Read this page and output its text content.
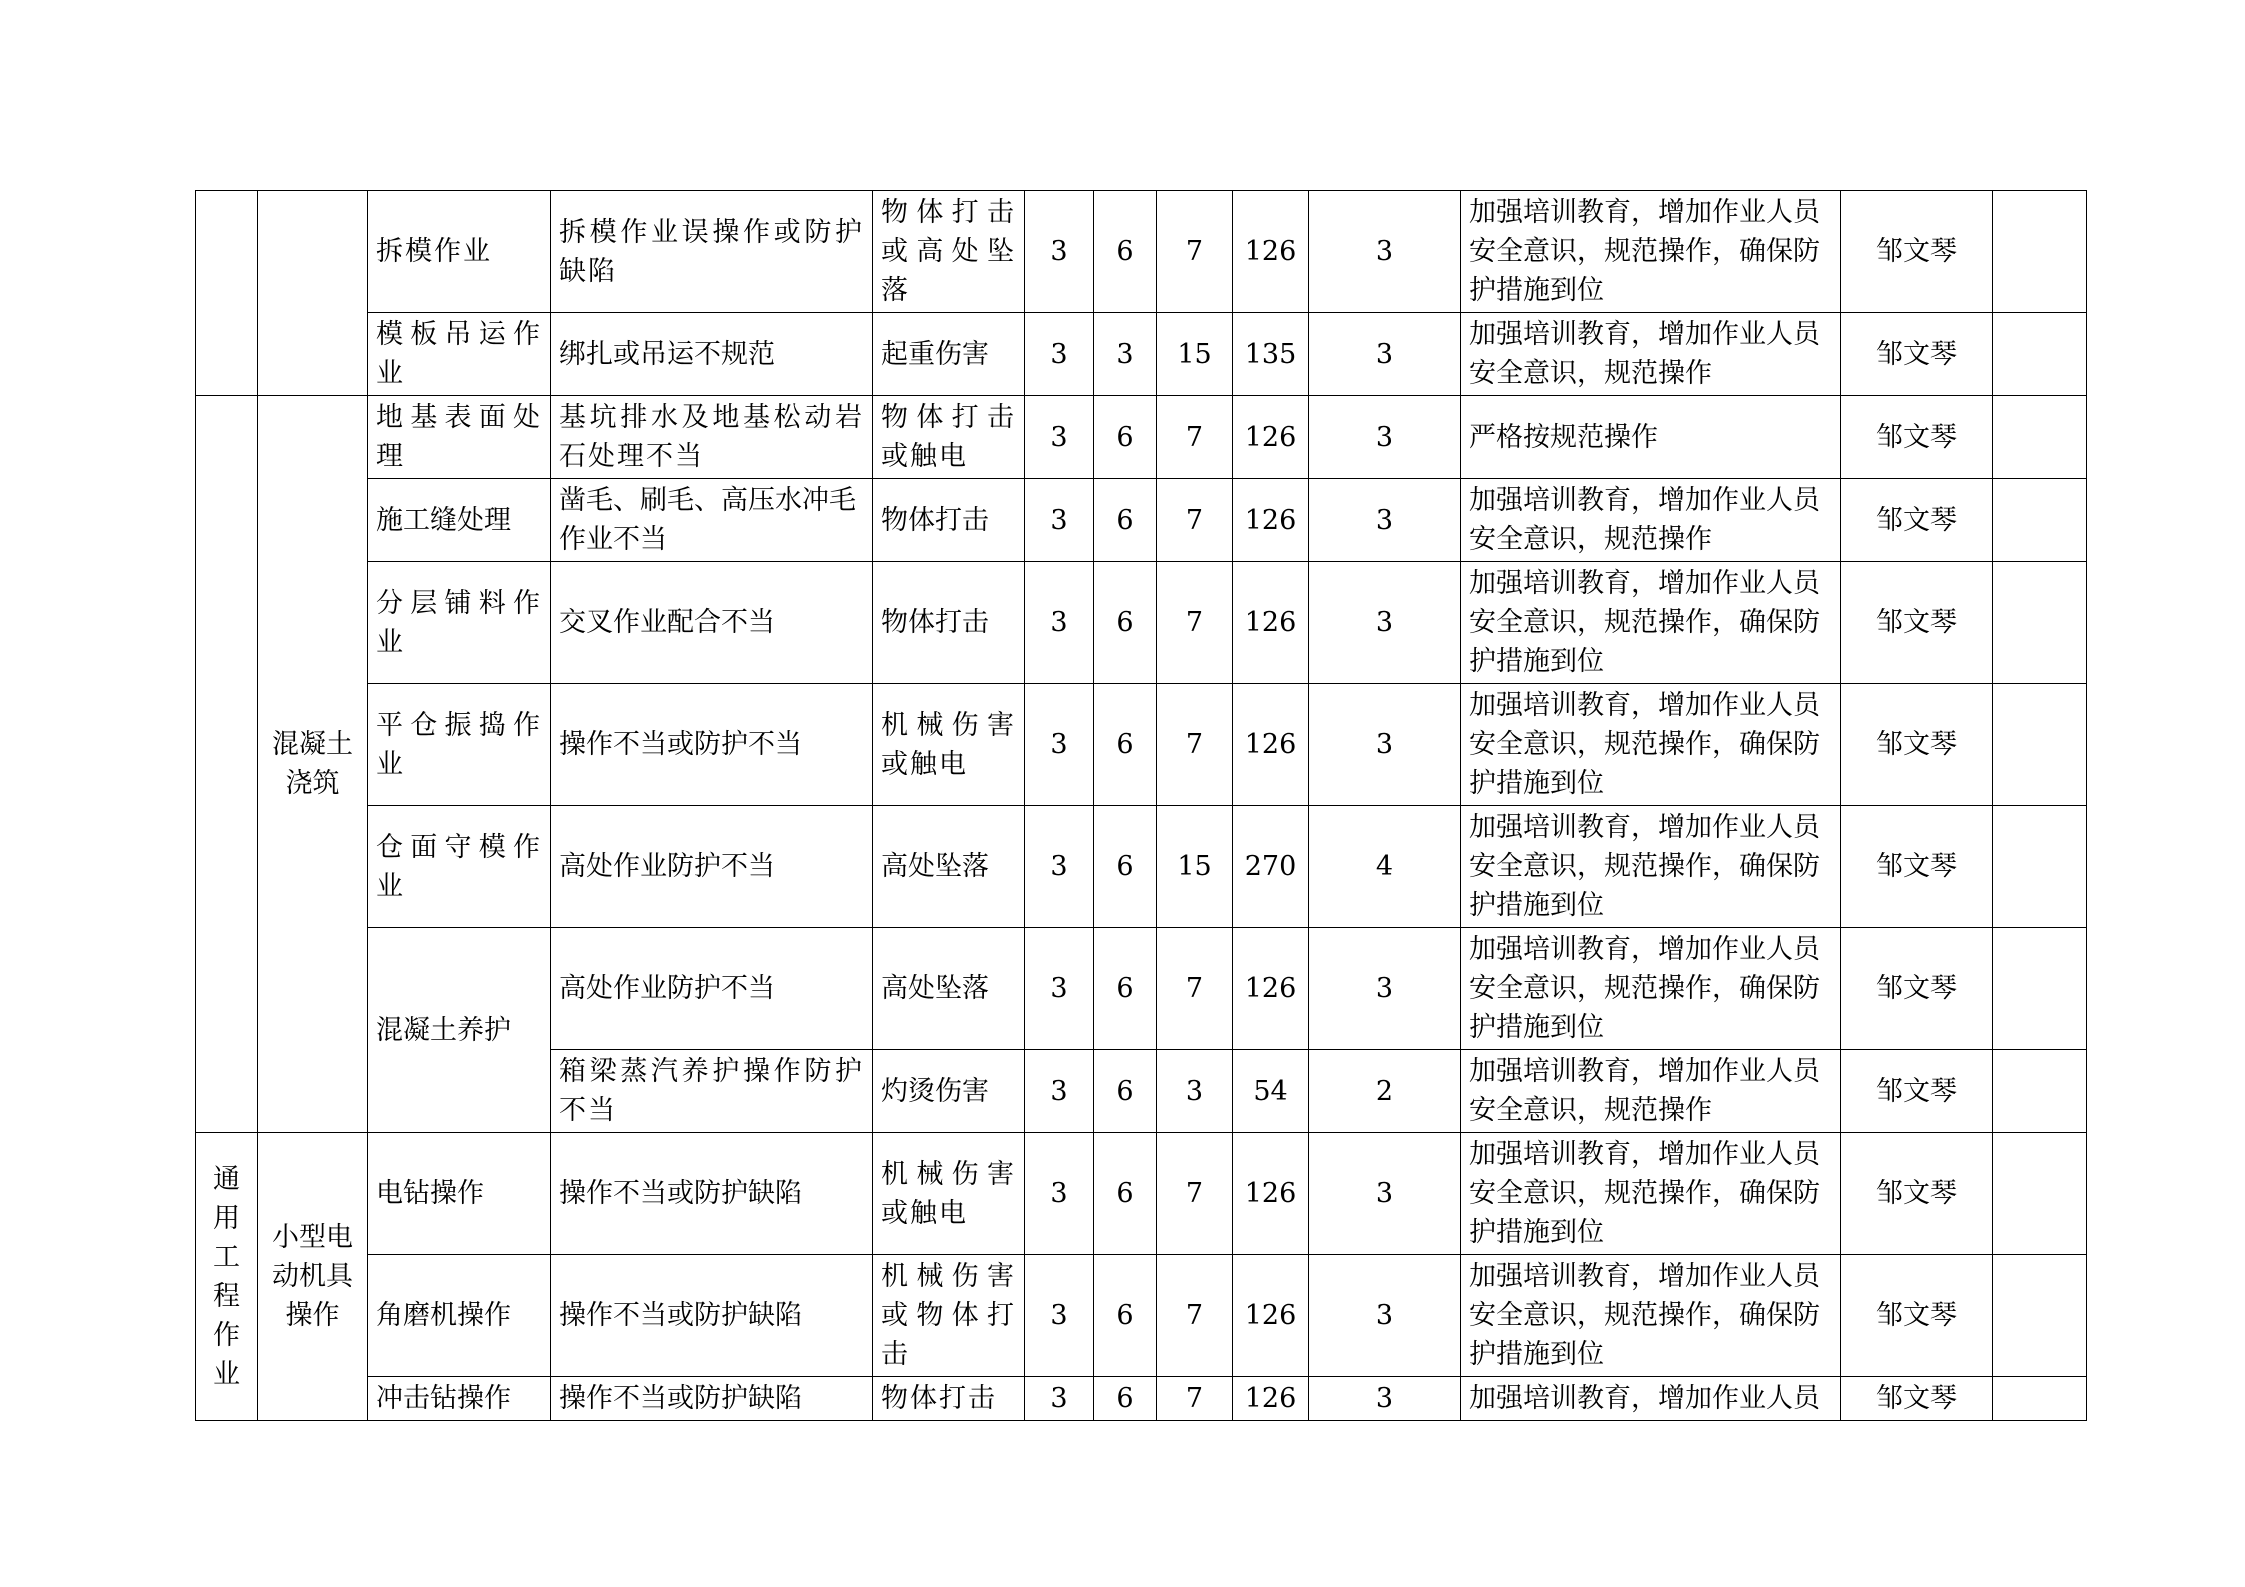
		拆模作业	拆模作业误操作或防护缺陷	物体打击或高处坠落	3	6	7	126	3	加强培训教育，增加作业人员安全意识，规范操作，确保防护措施到位	邹文琴	
		模板吊运作业	绑扎或吊运不规范	起重伤害	3	3	15	135	3	加强培训教育，增加作业人员安全意识，规范操作	邹文琴	
	混凝土浇筑	地基表面处理	基坑排水及地基松动岩石处理不当	物体打击或触电	3	6	7	126	3	严格按规范操作	邹文琴	
		施工缝处理	凿毛、刷毛、高压水冲毛作业不当	物体打击	3	6	7	126	3	加强培训教育，增加作业人员安全意识，规范操作	邹文琴	
		分层铺料作业	交叉作业配合不当	物体打击	3	6	7	126	3	加强培训教育，增加作业人员安全意识，规范操作，确保防护措施到位	邹文琴	
		平仓振捣作业	操作不当或防护不当	机械伤害或触电	3	6	7	126	3	加强培训教育，增加作业人员安全意识，规范操作，确保防护措施到位	邹文琴	
		仓面守模作业	高处作业防护不当	高处坠落	3	6	15	270	4	加强培训教育，增加作业人员安全意识，规范操作，确保防护措施到位	邹文琴	
		混凝土养护	高处作业防护不当	高处坠落	3	6	7	126	3	加强培训教育，增加作业人员安全意识，规范操作，确保防护措施到位	邹文琴	
			箱梁蒸汽养护操作防护不当	灼烫伤害	3	6	3	54	2	加强培训教育，增加作业人员安全意识，规范操作	邹文琴	
通用工程作业	小型电动机具操作	电钻操作	操作不当或防护缺陷	机械伤害或触电	3	6	7	126	3	加强培训教育，增加作业人员安全意识，规范操作，确保防护措施到位	邹文琴	
		角磨机操作	操作不当或防护缺陷	机械伤害或物体打击	3	6	7	126	3	加强培训教育，增加作业人员安全意识，规范操作，确保防护措施到位	邹文琴	
		冲击钻操作	操作不当或防护缺陷	物体打击	3	6	7	126	3	加强培训教育，增加作业人员	邹文琴	
